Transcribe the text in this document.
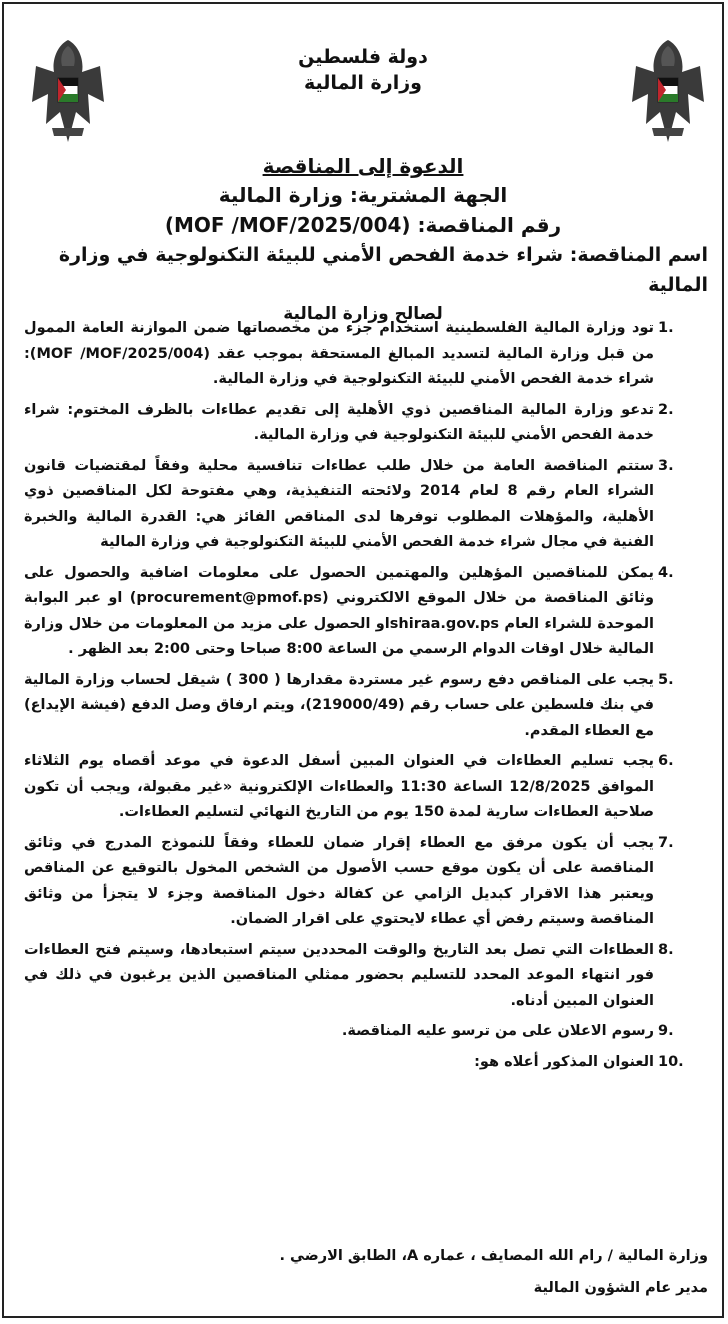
دولة فلسطين
وزارة المالية
الدعوة إلى المناقصة
الجهة المشترية: وزارة المالية
رقم المناقصة: (MOF /MOF/2025/004)
اسم المناقصة: شراء خدمة الفحص الأمني للبيئة التكنولوجية في وزارة المالية
لصالح وزارة المالية
1.
تود وزارة المالية الفلسطينية استخدام جزء من مخصصاتها ضمن الموازنة العامة الممول من قبل وزارة المالية لتسديد المبالغ المستحقة بموجب عقد (MOF /MOF/2025/004): شراء خدمة الفحص الأمني للبيئة التكنولوجية في وزارة المالية.
2.
تدعو وزارة المالية المناقصين ذوي الأهلية إلى تقديم عطاءات بالظرف المختوم: شراء خدمة الفحص الأمني للبيئة التكنولوجية في وزارة المالية.
3.
ستتم المناقصة العامة من خلال طلب عطاءات تنافسية محلية وفقاً لمقتضيات قانون الشراء العام رقم 8 لعام 2014 ولائحته التنفيذية، وهي مفتوحة لكل المناقصين ذوي الأهلية، والمؤهلات المطلوب توفرها لدى المناقص الفائز هي: القدرة المالية والخبرة الفنية في مجال شراء خدمة الفحص الأمني للبيئة التكنولوجية في وزارة المالية
4.
يمكن للمناقصين المؤهلين والمهتمين الحصول على معلومات اضافية والحصول على وثائق المناقصة من خلال الموقع الالكتروني (procurement@pmof.ps) او عبر البوابة الموحدة للشراء العام shiraa.gov.psاو الحصول على مزيد من المعلومات من خلال وزارة المالية خلال اوقات الدوام الرسمي من الساعة 8:00 صباحا وحتى 2:00 بعد الظهر .
5.
يجب على المناقص دفع رسوم غير مستردة مقدارها ( 300 ) شيقل لحساب وزارة المالية في بنك فلسطين على حساب رقم (219000/49)، ويتم ارفاق وصل الدفع (فيشة الإيداع) مع العطاء المقدم.
6.
يجب تسليم العطاءات في العنوان المبين أسفل الدعوة في موعد أقصاه يوم الثلاثاء الموافق 12/8/2025 الساعة 11:30 والعطاءات الإلكترونية «غير مقبولة، ويجب أن تكون صلاحية العطاءات سارية لمدة 150 يوم من التاريخ النهائي لتسليم العطاءات.
7.
يجب أن يكون مرفق مع العطاء إقرار ضمان للعطاء وفقاً للنموذج المدرج في وثائق المناقصة على أن يكون موقع حسب الأصول من الشخص المخول بالتوقيع عن المناقص ويعتبر هذا الاقرار كبديل الزامي عن كفالة دخول المناقصة وجزء لا يتجزأ من وثائق المناقصة وسيتم رفض أي عطاء لايحتوي على اقرار الضمان.
8.
العطاءات التي تصل بعد التاريخ والوقت المحددين سيتم استبعادها، وسيتم فتح العطاءات فور انتهاء الموعد المحدد للتسليم بحضور ممثلي المناقصين الذين يرغبون في ذلك في العنوان المبين أدناه.
9.
رسوم الاعلان على من ترسو عليه المناقصة.
10.
العنوان المذكور أعلاه هو:
وزارة المالية / رام الله المصايف ، عماره A، الطابق الارضي .
مدير عام الشؤون المالية
